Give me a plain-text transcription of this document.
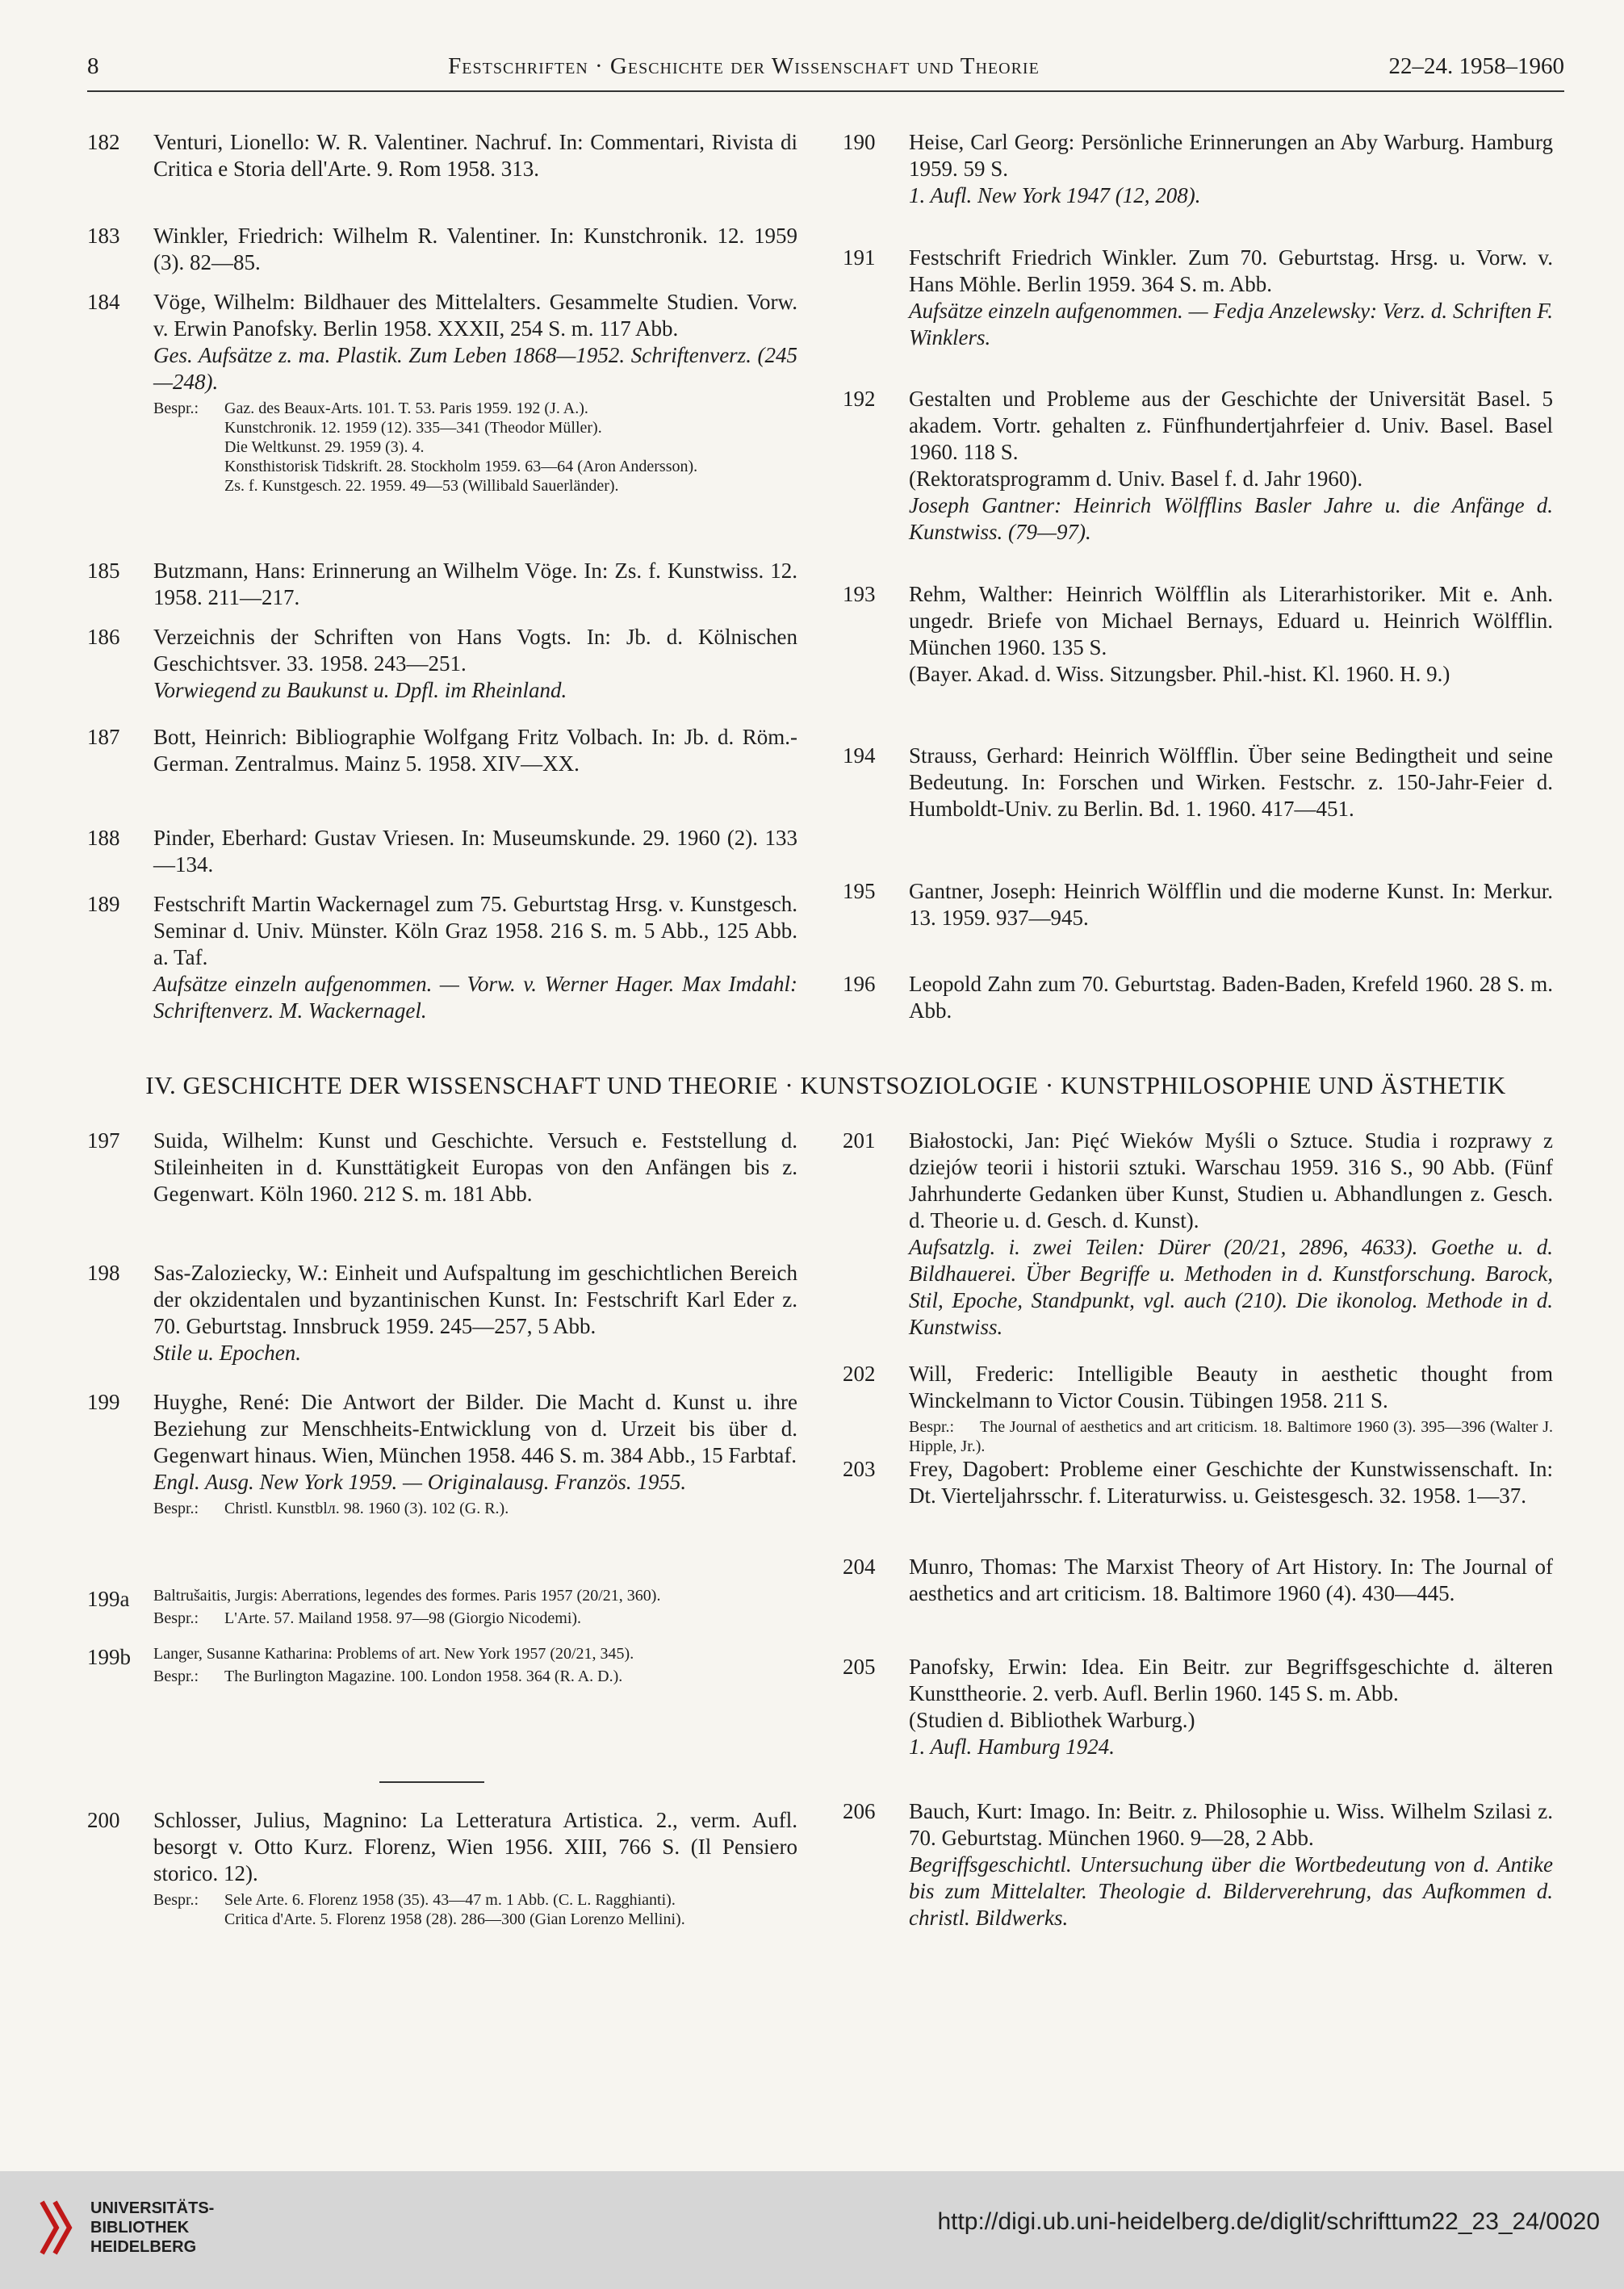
8	Festschriften · Geschichte der Wissenschaft und Theorie	22–24. 1958–1960
182	Venturi, Lionello: W. R. Valentiner. Nachruf. In: Commentari, Rivista di Critica e Storia dell'Arte. 9. Rom 1958. 313.
183	Winkler, Friedrich: Wilhelm R. Valentiner. In: Kunstchronik. 12. 1959 (3). 82—85.
184	Vöge, Wilhelm: Bildhauer des Mittelalters. Gesammelte Studien. Vorw. v. Erwin Panofsky. Berlin 1958. XXXII, 254 S. m. 117 Abb.
Ges. Aufsätze z. ma. Plastik. Zum Leben 1868—1952. Schriftenverz. (245—248).
Bespr.: Gaz. des Beaux-Arts. 101. T. 53. Paris 1959. 192 (J. A.).
Kunstchronik. 12. 1959 (12). 335—341 (Theodor Müller).
Die Weltkunst. 29. 1959 (3). 4.
Konsthistorisk Tidskrift. 28. Stockholm 1959. 63—64 (Aron Andersson).
Zs. f. Kunstgesch. 22. 1959. 49—53 (Willibald Sauerländer).
185	Butzmann, Hans: Erinnerung an Wilhelm Vöge. In: Zs. f. Kunstwiss. 12. 1958. 211—217.
186	Verzeichnis der Schriften von Hans Vogts. In: Jb. d. Kölnischen Geschichtsver. 33. 1958. 243—251.
Vorwiegend zu Baukunst u. Dpfl. im Rheinland.
187	Bott, Heinrich: Bibliographie Wolfgang Fritz Volbach. In: Jb. d. Röm.-German. Zentralmus. Mainz 5. 1958. XIV—XX.
188	Pinder, Eberhard: Gustav Vriesen. In: Museumskunde. 29. 1960 (2). 133—134.
189	Festschrift Martin Wackernagel zum 75. Geburtstag Hrsg. v. Kunstgesch. Seminar d. Univ. Münster. Köln Graz 1958. 216 S. m. 5 Abb., 125 Abb. a. Taf.
Aufsätze einzeln aufgenommen. — Vorw. v. Werner Hager. Max Imdahl: Schriftenverz. M. Wackernagel.
190	Heise, Carl Georg: Persönliche Erinnerungen an Aby Warburg. Hamburg 1959. 59 S.
1. Aufl. New York 1947 (12, 208).
191	Festschrift Friedrich Winkler. Zum 70. Geburtstag. Hrsg. u. Vorw. v. Hans Möhle. Berlin 1959. 364 S. m. Abb.
Aufsätze einzeln aufgenommen. — Fedja Anzelewsky: Verz. d. Schriften F. Winklers.
192	Gestalten und Probleme aus der Geschichte der Universität Basel. 5 akadem. Vortr. gehalten z. Fünfhundertjahrfeier d. Univ. Basel. Basel 1960. 118 S.
(Rektoratsprogramm d. Univ. Basel f. d. Jahr 1960).
Joseph Gantner: Heinrich Wölfflins Basler Jahre u. die Anfänge d. Kunstwiss. (79—97).
193	Rehm, Walther: Heinrich Wölfflin als Literarhistoriker. Mit e. Anh. ungedr. Briefe von Michael Bernays, Eduard u. Heinrich Wölfflin. München 1960. 135 S.
(Bayer. Akad. d. Wiss. Sitzungsber. Phil.-hist. Kl. 1960. H. 9.)
194	Strauss, Gerhard: Heinrich Wölfflin. Über seine Bedingtheit und seine Bedeutung. In: Forschen und Wirken. Festschr. z. 150-Jahr-Feier d. Humboldt-Univ. zu Berlin. Bd. 1. 1960. 417—451.
195	Gantner, Joseph: Heinrich Wölfflin und die moderne Kunst. In: Merkur. 13. 1959. 937—945.
196	Leopold Zahn zum 70. Geburtstag. Baden-Baden, Krefeld 1960. 28 S. m. Abb.
IV. GESCHICHTE DER WISSENSCHAFT UND THEORIE · KUNSTSOZIOLOGIE · KUNSTPHILOSOPHIE UND ÄSTHETIK
197	Suida, Wilhelm: Kunst und Geschichte. Versuch e. Feststellung d. Stileinheiten in d. Kunsttätigkeit Europas von den Anfängen bis z. Gegenwart. Köln 1960. 212 S. m. 181 Abb.
198	Sas-Zaloziecky, W.: Einheit und Aufspaltung im geschichtlichen Bereich der okzidentalen und byzantinischen Kunst. In: Festschrift Karl Eder z. 70. Geburtstag. Innsbruck 1959. 245—257, 5 Abb.
Stile u. Epochen.
199	Huyghe, René: Die Antwort der Bilder. Die Macht d. Kunst u. ihre Beziehung zur Menschheits-Entwicklung von d. Urzeit bis über d. Gegenwart hinaus. Wien, München 1958. 446 S. m. 384 Abb., 15 Farbtaf.
Engl. Ausg. New York 1959. — Originalausg. Französ. 1955.
Bespr.: Christl. Kunstblл. 98. 1960 (3). 102 (G. R.).
199a	Baltrušaitis, Jurgis: Aberrations, legendes des formes. Paris 1957 (20/21, 360).
Bespr.: L'Arte. 57. Mailand 1958. 97—98 (Giorgio Nicodemi).
199b	Langer, Susanne Katharina: Problems of art. New York 1957 (20/21, 345).
Bespr.: The Burlington Magazine. 100. London 1958. 364 (R. A. D.).
200	Schlosser, Julius, Magnino: La Letteratura Artistica. 2., verm. Aufl. besorgt v. Otto Kurz. Florenz, Wien 1956. XIII, 766 S. (Il Pensiero storico. 12).
Bespr.: Sele Arte. 6. Florenz 1958 (35). 43—47 m. 1 Abb. (C. L. Ragghianti).
Critica d'Arte. 5. Florenz 1958 (28). 286—300 (Gian Lorenzo Mellini).
201	Białostocki, Jan: Pięć Wieków Myśli o Sztuce. Studia i rozprawy z dziejów teorii i historii sztuki. Warschau 1959. 316 S., 90 Abb. (Fünf Jahrhunderte Gedanken über Kunst, Studien u. Abhandlungen z. Gesch. d. Theorie u. d. Gesch. d. Kunst).
Aufsatzlg. i. zwei Teilen: Dürer (20/21, 2896, 4633). Goethe u. d. Bildhauerei. Über Begriffe u. Methoden in d. Kunstforschung. Barock, Stil, Epoche, Standpunkt, vgl. auch (210). Die ikonolog. Methode in d. Kunstwiss.
202	Will, Frederic: Intelligible Beauty in aesthetic thought from Winckelmann to Victor Cousin. Tübingen 1958. 211 S.
Bespr.: The Journal of aesthetics and art criticism. 18. Baltimore 1960 (3). 395—396 (Walter J. Hipple, Jr.).
203	Frey, Dagobert: Probleme einer Geschichte der Kunstwissenschaft. In: Dt. Vierteljahrsschr. f. Literaturwiss. u. Geistesgesch. 32. 1958. 1—37.
204	Munro, Thomas: The Marxist Theory of Art History. In: The Journal of aesthetics and art criticism. 18. Baltimore 1960 (4). 430—445.
205	Panofsky, Erwin: Idea. Ein Beitr. zur Begriffsgeschichte d. älteren Kunsttheorie. 2. verb. Aufl. Berlin 1960. 145 S. m. Abb.
(Studien d. Bibliothek Warburg.)
1. Aufl. Hamburg 1924.
206	Bauch, Kurt: Imago. In: Beitr. z. Philosophie u. Wiss. Wilhelm Szilasi z. 70. Geburtstag. München 1960. 9—28, 2 Abb.
Begriffsgeschichtl. Untersuchung über die Wortbedeutung von d. Antike bis zum Mittelalter. Theologie d. Bilderverehrung, das Aufkommen d. christl. Bildwerks.
UNIVERSITÄTS-
BIBLIOTHEK
HEIDELBERG
http://digi.ub.uni-heidelberg.de/diglit/schrifttum22_23_24/0020
